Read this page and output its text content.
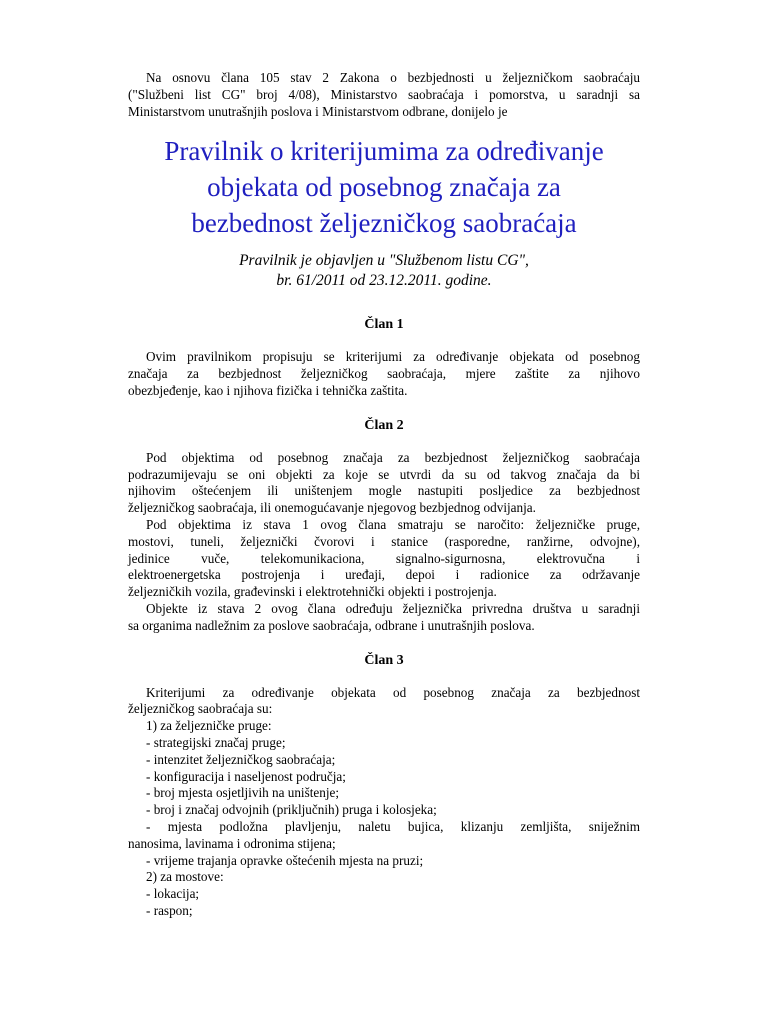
Na osnovu člana 105 stav 2 Zakona o bezbjednosti u željezničkom saobraćaju
("Službeni list CG" broj 4/08), Ministarstvo saobraćaja i pomorstva, u saradnji sa
Ministarstvom unutrašnjih poslova i Ministarstvom odbrane, donijelo je
Pravilnik o kriterijumima za određivanje
objekata od posebnog značaja za
bezbednost željezničkog saobraćaja
Pravilnik je objavljen u "Službenom listu CG",
br. 61/2011 od 23.12.2011. godine.
Član 1
Ovim pravilnikom propisuju se kriterijumi za određivanje objekata od posebnog
značaja za bezbjednost željezničkog saobraćaja, mjere zaštite za njihovo
obezbjeđenje, kao i njihova fizička i tehnička zaštita.
Član 2
Pod objektima od posebnog značaja za bezbjednost željezničkog saobraćaja
podrazumijevaju se oni objekti za koje se utvrdi da su od takvog značaja da bi
njihovim oštećenjem ili uništenjem mogle nastupiti posljedice za bezbjednost
željezničkog saobraćaja, ili onemogućavanje njegovog bezbjednog odvijanja.
Pod objektima iz stava 1 ovog člana smatraju se naročito: željezničke pruge,
mostovi, tuneli, željeznički čvorovi i stanice (rasporedne, ranžirne, odvojne),
jedinice vuče, telekomunikaciona, signalno-sigurnosna, elektrovučna i
elektroenergetska postrojenja i uređaji, depoi i radionice za održavanje
željezničkih vozila, građevinski i elektrotehnički objekti i postrojenja.
Objekte iz stava 2 ovog člana određuju željeznička privredna društva u saradnji
sa organima nadležnim za poslove saobraćaja, odbrane i unutrašnjih poslova.
Član 3
Kriterijumi za određivanje objekata od posebnog značaja za bezbjednost
željezničkog saobraćaja su:
1) za željezničke pruge:
- strategijski značaj pruge;
- intenzitet željezničkog saobraćaja;
- konfiguracija i naseljenost područja;
- broj mjesta osjetljivih na uništenje;
- broj i značaj odvojnih (priključnih) pruga i kolosjeka;
- mjesta podložna plavljenju, naletu bujica, klizanju zemljišta, sniježnim
nanosima, lavinama i odronima stijena;
- vrijeme trajanja opravke oštećenih mjesta na pruzi;
2) za mostove:
- lokacija;
- raspon;
